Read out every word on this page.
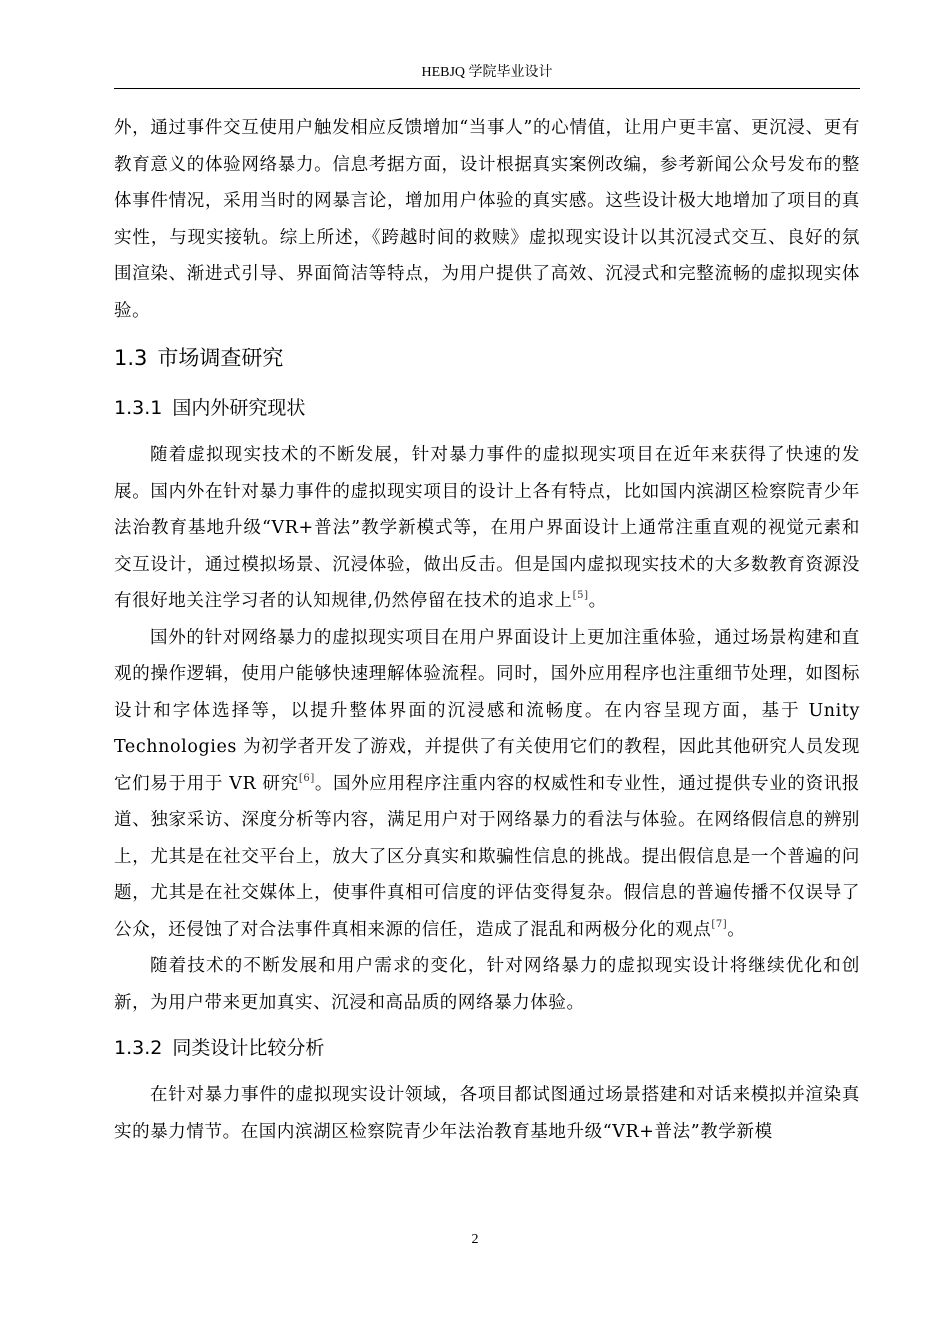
HEBJQ 学院毕业设计

外，通过事件交互使用户触发相应反馈增加“当事人”的心情值，让用户更丰富、更沉浸、更有教育意义的体验网络暴力。信息考据方面，设计根据真实案例改编，参考新闻公众号发布的整体事件情况，采用当时的网暴言论，增加用户体验的真实感。这些设计极大地增加了项目的真实性，与现实接轨。综上所述，《跨越时间的救赎》虚拟现实设计以其沉浸式交互、良好的氛围渲染、渐进式引导、界面简洁等特点，为用户提供了高效、沉浸式和完整流畅的虚拟现实体验。

1.3 市场调查研究
1.3.1 国内外研究现状

随着虚拟现实技术的不断发展，针对暴力事件的虚拟现实项目在近年来获得了快速的发展。国内外在针对暴力事件的虚拟现实项目的设计上各有特点，比如国内滨湖区检察院青少年法治教育基地升级“VR+普法”教学新模式等，在用户界面设计上通常注重直观的视觉元素和交互设计，通过模拟场景、沉浸体验，做出反击。但是国内虚拟现实技术的大多数教育资源没有很好地关注学习者的认知规律,仍然停留在技术的追求上[5]。

国外的针对网络暴力的虚拟现实项目在用户界面设计上更加注重体验，通过场景构建和直观的操作逻辑，使用户能够快速理解体验流程。同时，国外应用程序也注重细节处理，如图标设计和字体选择等，以提升整体界面的沉浸感和流畅度。在内容呈现方面，基于 Unity Technologies 为初学者开发了游戏，并提供了有关使用它们的教程，因此其他研究人员发现它们易于用于 VR 研究[6]。国外应用程序注重内容的权威性和专业性，通过提供专业的资讯报道、独家采访、深度分析等内容，满足用户对于网络暴力的看法与体验。在网络假信息的辨别上，尤其是在社交平台上，放大了区分真实和欺骗性信息的挑战。提出假信息是一个普遍的问题，尤其是在社交媒体上，使事件真相可信度的评估变得复杂。假信息的普遍传播不仅误导了公众，还侵蚀了对合法事件真相来源的信任，造成了混乱和两极分化的观点[7]。

随着技术的不断发展和用户需求的变化，针对网络暴力的虚拟现实设计将继续优化和创新，为用户带来更加真实、沉浸和高品质的网络暴力体验。

1.3.2 同类设计比较分析

在针对暴力事件的虚拟现实设计领域，各项目都试图通过场景搭建和对话来模拟并渲染真实的暴力情节。在国内滨湖区检察院青少年法治教育基地升级“VR+普法”教学新模

2
